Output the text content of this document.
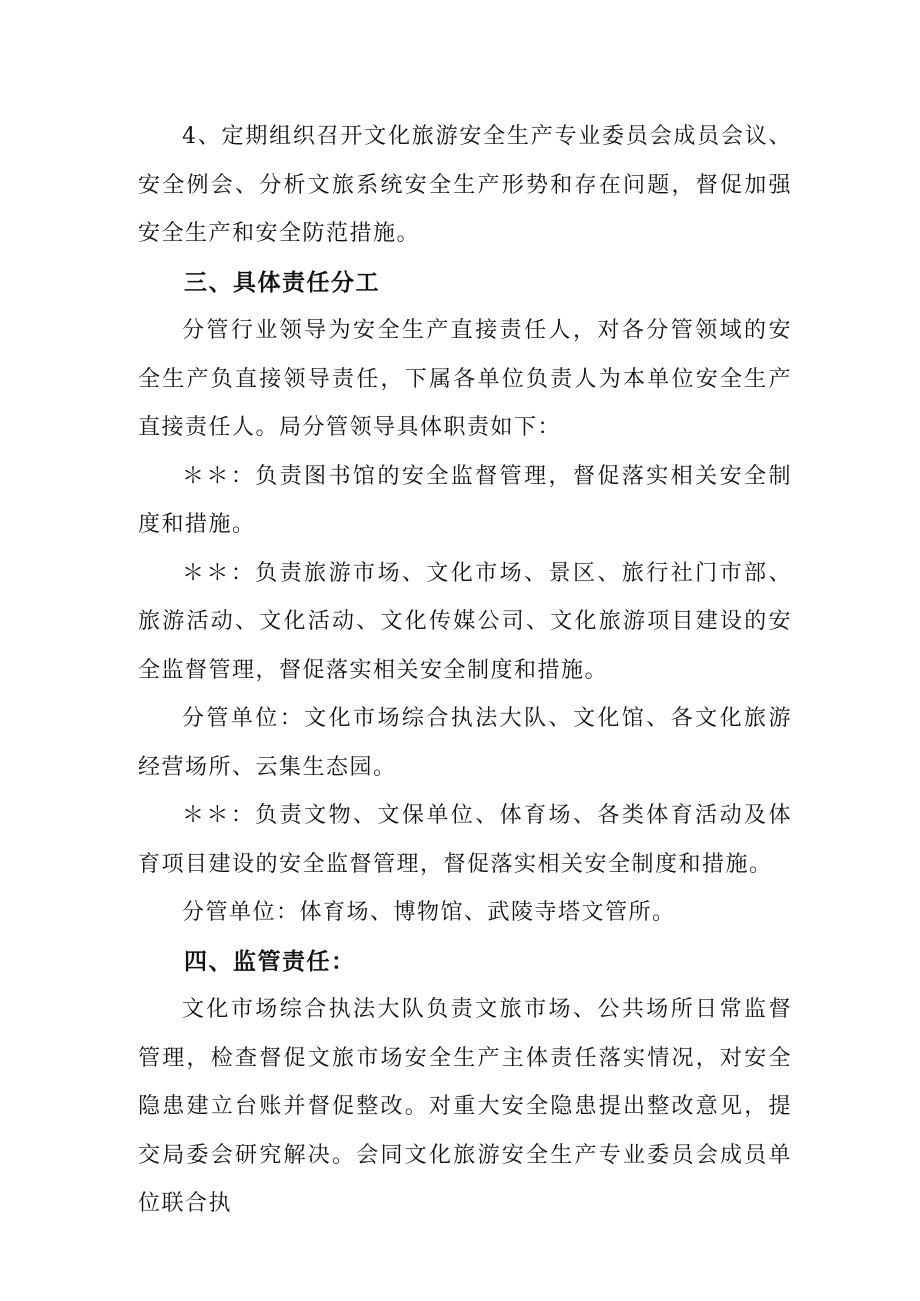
4、定期组织召开文化旅游安全生产专业委员会成员会议、安全例会、分析文旅系统安全生产形势和存在问题，督促加强安全生产和安全防范措施。

三、具体责任分工

分管行业领导为安全生产直接责任人，对各分管领域的安全生产负直接领导责任，下属各单位负责人为本单位安全生产直接责任人。局分管领导具体职责如下：

＊＊：负责图书馆的安全监督管理，督促落实相关安全制度和措施。

＊＊：负责旅游市场、文化市场、景区、旅行社门市部、旅游活动、文化活动、文化传媒公司、文化旅游项目建设的安全监督管理，督促落实相关安全制度和措施。

分管单位：文化市场综合执法大队、文化馆、各文化旅游经营场所、云集生态园。

＊＊：负责文物、文保单位、体育场、各类体育活动及体育项目建设的安全监督管理，督促落实相关安全制度和措施。

分管单位：体育场、博物馆、武陵寺塔文管所。

四、监管责任：

文化市场综合执法大队负责文旅市场、公共场所日常监督管理，检查督促文旅市场安全生产主体责任落实情况，对安全隐患建立台账并督促整改。对重大安全隐患提出整改意见，提交局委会研究解决。会同文化旅游安全生产专业委员会成员单位联合执
